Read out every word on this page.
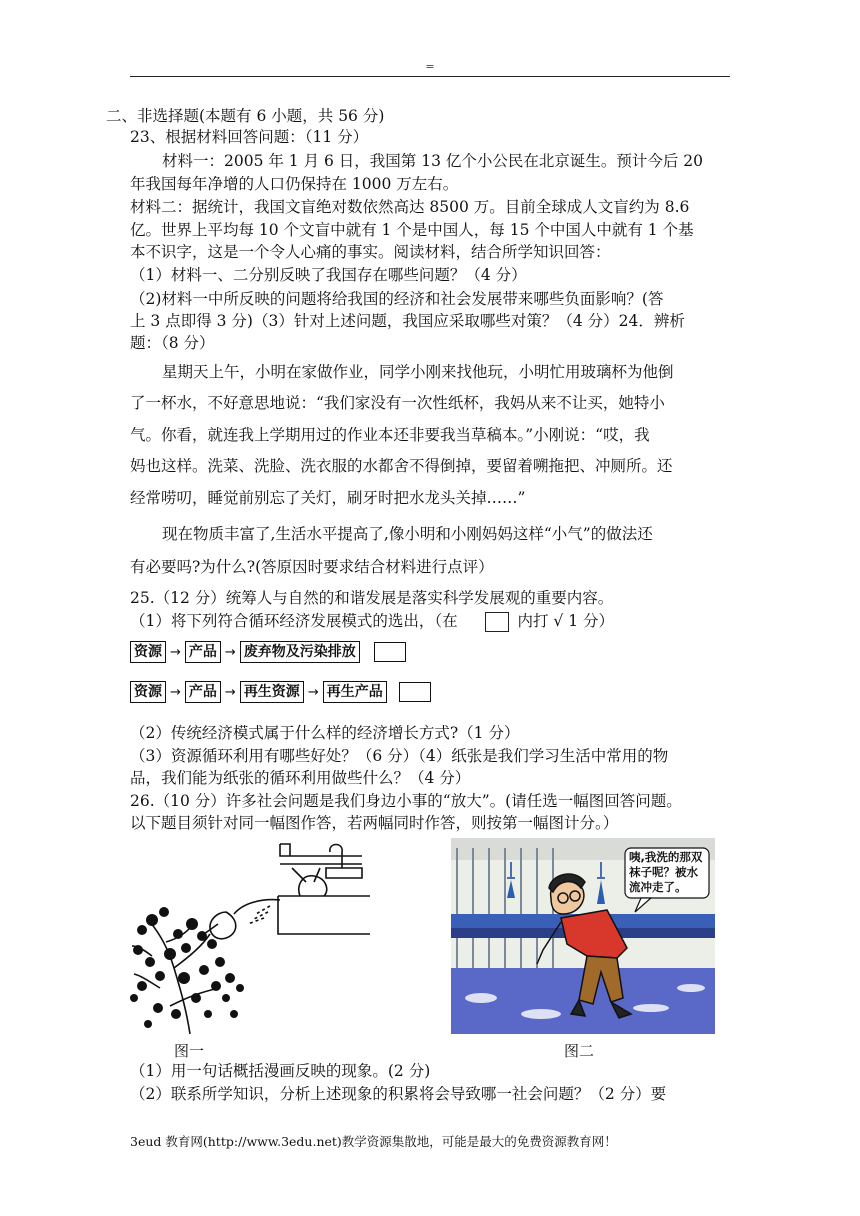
=
二、非选择题(本题有 6 小题，共 56 分)
23、根据材料回答问题：（11 分）
材料一：2005 年 1 月 6 日，我国第 13 亿个小公民在北京诞生。预计今后 20
年我国每年净增的人口仍保持在 1000 万左右。
材料二：据统计，我国文盲绝对数依然高达 8500 万。目前全球成人文盲约为 8.6
亿。世界上平均每 10 个文盲中就有 1 个是中国人，每 15 个中国人中就有 1 个基
本不识字，这是一个令人心痛的事实。阅读材料，结合所学知识回答：
（1）材料一、二分别反映了我国存在哪些问题？（4 分）
（2)材料一中所反映的问题将给我国的经济和社会发展带来哪些负面影响？(答
上 3 点即得 3 分)（3）针对上述问题，我国应采取哪些对策？（4 分）24．辨析
题：（8 分）
星期天上午，小明在家做作业，同学小刚来找他玩，小明忙用玻璃杯为他倒
了一杯水，不好意思地说：“我们家没有一次性纸杯，我妈从来不让买，她特小
气。你看，就连我上学期用过的作业本还非要我当草稿本。”小刚说：“哎，我
妈也这样。洗菜、洗脸、洗衣服的水都舍不得倒掉，要留着嗍拖把、冲厕所。还
经常唠叨，睡觉前别忘了关灯，刷牙时把水龙头关掉……”
现在物质丰富了,生活水平提高了,像小明和小刚妈妈这样“小气”的做法还
有必要吗?为什么?(答原因时要求结合材料进行点评）
25.（12 分）统筹人与自然的和谐发展是落实科学发展观的重要内容。
（1）将下列符合循环经济发展模式的选出，（在	内打 √ 1 分）
资源 → 产品 → 废弃物及污染排放
资源 → 产品 → 再生资源 → 再生产品
（2）传统经济模式属于什么样的经济增长方式?（1 分）
（3）资源循环利用有哪些好处？（6 分）（4）纸张是我们学习生活中常用的物
品，我们能为纸张的循环利用做些什么？（4 分）
26.（10 分）许多社会问题是我们身边小事的“放大”。(请任选一幅图回答问题。
以下题目须针对同一幅图作答，若两幅同时作答，则按第一幅图计分。）
图一
咦,我洗的那双
袜子呢？被水
流冲走了。
图二
（1）用一句话概括漫画反映的现象。(2 分)
（2）联系所学知识，分析上述现象的积累将会导致哪一社会问题？（2 分）要
3eud 教育网(http://www.3edu.net)教学资源集散地，可能是最大的免费资源教育网！
